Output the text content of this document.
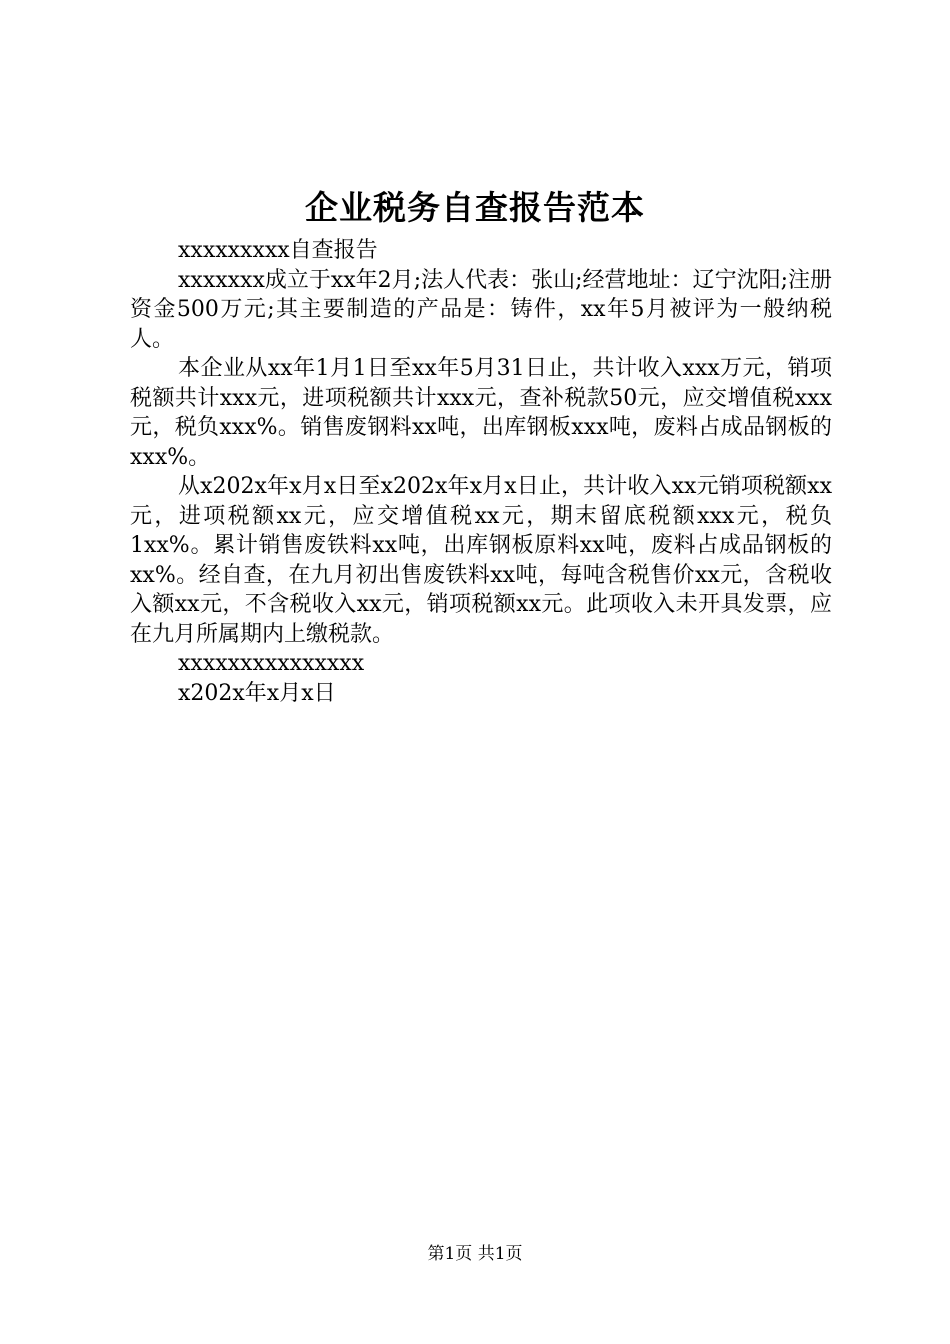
企业税务自查报告范本

xxxxxxxxx自查报告

xxxxxxx成立于xx年2月;法人代表：张山;经营地址：辽宁沈阳;注册资金500万元;其主要制造的产品是：铸件，xx年5月被评为一般纳税人。

本企业从xx年1月1日至xx年5月31日止，共计收入xxx万元，销项税额共计xxx元，进项税额共计xxx元，查补税款50元，应交增值税xxx元，税负xxx%。销售废钢料xx吨，出库钢板xxx吨，废料占成品钢板的xxx%。

从x202x年x月x日至x202x年x月x日止，共计收入xx元销项税额xx元，进项税额xx元，应交增值税xx元，期末留底税额xxx元，税负1xx%。累计销售废铁料xx吨，出库钢板原料xx吨，废料占成品钢板的xx%。经自查，在九月初出售废铁料xx吨，每吨含税售价xx元，含税收入额xx元，不含税收入xx元，销项税额xx元。此项收入未开具发票，应在九月所属期内上缴税款。

xxxxxxxxxxxxxxx

x202x年x月x日

第1页 共1页
